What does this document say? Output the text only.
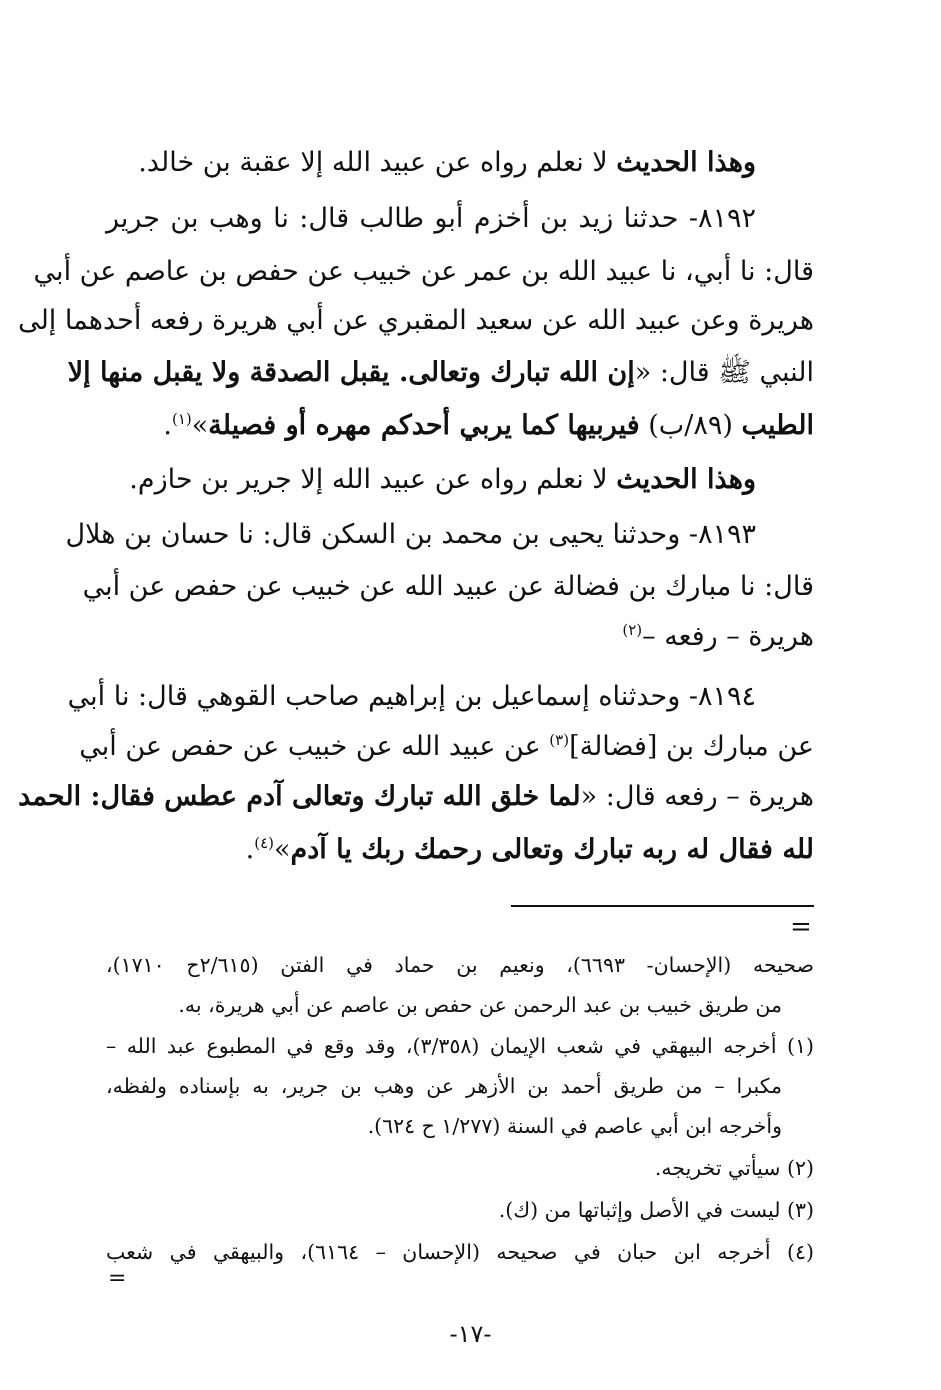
وهذا الحديث لا نعلم رواه عن عبيد الله إلا عقبة بن خالد.
٨١٩٢- حدثنا زيد بن أخزم أبو طالب قال: نا وهب بن جرير
قال: نا أبي، نا عبيد الله بن عمر عن خبيب عن حفص بن عاصم عن أبي
هريرة وعن عبيد الله عن سعيد المقبري عن أبي هريرة رفعه أحدهما إلى
النبي ﷺ قال: «إن الله تبارك وتعالى. يقبل الصدقة ولا يقبل منها إلا
الطيب (٨٩/ب) فيربيها كما يربي أحدكم مهره أو فصيلة»$^{(١)}$.
وهذا الحديث لا نعلم رواه عن عبيد الله إلا جرير بن حازم.
٨١٩٣- وحدثنا يحيى بن محمد بن السكن قال: نا حسان بن هلال
قال: نا مبارك بن فضالة عن عبيد الله عن خبيب عن حفص عن أبي
هريرة – رفعه –$^{(٢)}$
٨١٩٤- وحدثناه إسماعيل بن إبراهيم صاحب القوهي قال: نا أبي
عن مبارك بن [فضالة]$^{(٣)}$ عن عبيد الله عن خبيب عن حفص عن أبي
هريرة – رفعه قال: «لما خلق الله تبارك وتعالى آدم عطس فقال: الحمد
لله فقال له ربه تبارك وتعالى رحمك ربك يا آدم»$^{(٤)}$.
=
صحيحه (الإحسان- ٦٦٩٣)، ونعيم بن حماد في الفتن (٢/٦١٥ح ١٧١٠)،
من طريق خبيب بن عبد الرحمن عن حفص بن عاصم عن أبي هريرة، به.
(١) أخرجه البيهقي في شعب الإيمان (٣/٣٥٨)، وقد وقع في المطبوع عبد الله –
مكبرا – من طريق أحمد بن الأزهر عن وهب بن جرير، به بإسناده ولفظه،
وأخرجه ابن أبي عاصم في السنة (١/٢٧٧ ح ٦٢٤).
(٢) سيأتي تخريجه.
(٣) ليست في الأصل وإثباتها من (ك).
(٤) أخرجه ابن حبان في صحيحه (الإحسان – ٦١٦٤)، والبيهقي في شعب
=
-١٧-
